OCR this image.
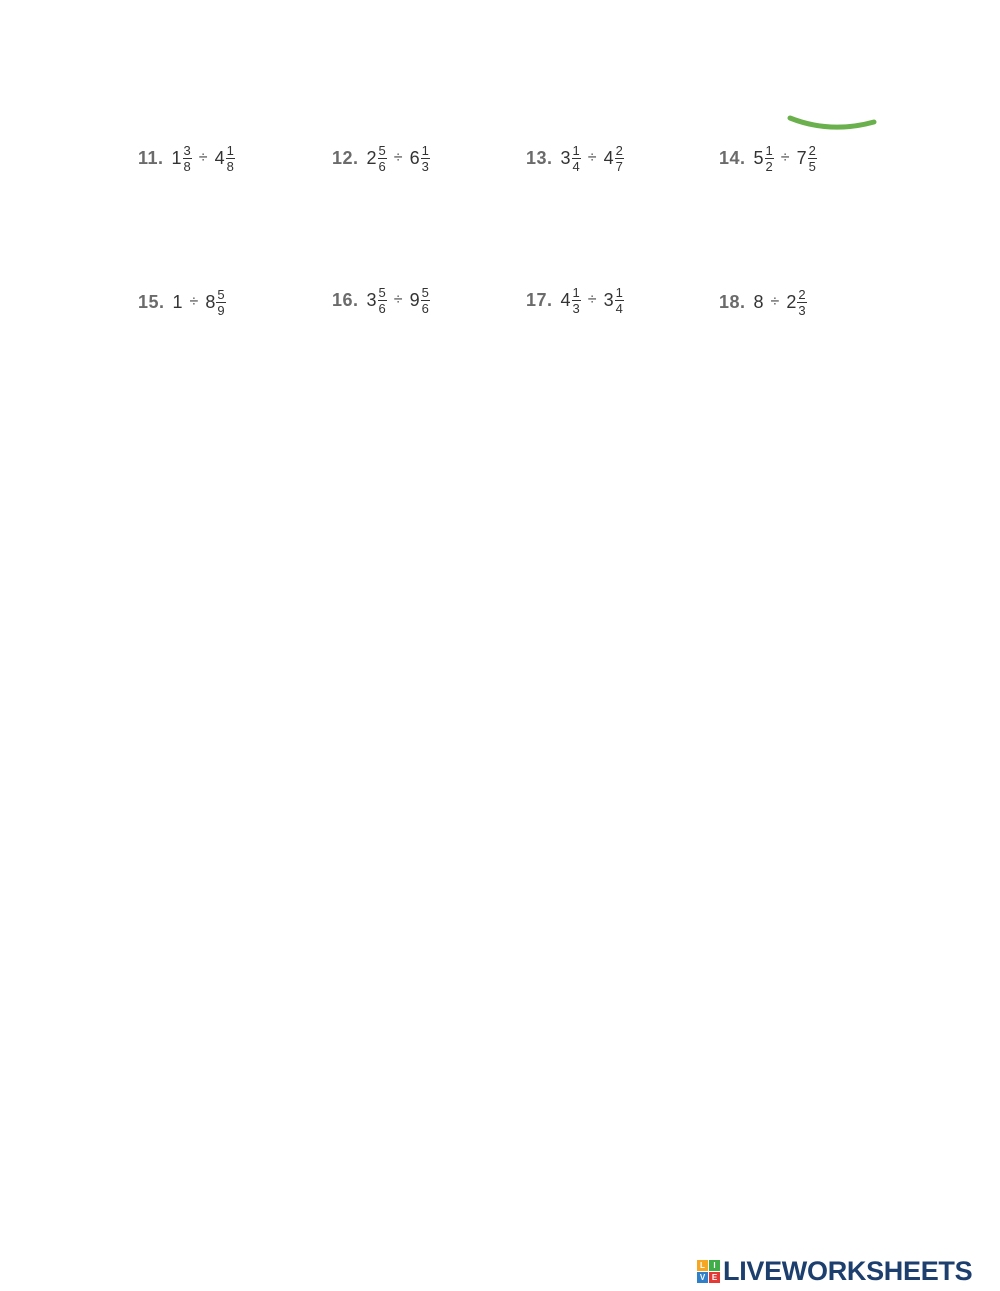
11. $1 \frac{3}{8} \div 4 \frac{1}{8}$	12. $2 \frac{5}{6} \div 6 \frac{1}{3}$	13. $3 \frac{1}{4} \div 4 \frac{2}{7}$	14. $5 \frac{1}{2} \div 7 \frac{2}{5}$
15. $1 \div 8 \frac{5}{9}$	16. $3 \frac{5}{6} \div 9 \frac{5}{6}$	17. $4 \frac{1}{3} \div 3 \frac{1}{4}$	18. $8 \div 2 \frac{2}{3}$
L	I
V E LIVEWORKSHEETS
